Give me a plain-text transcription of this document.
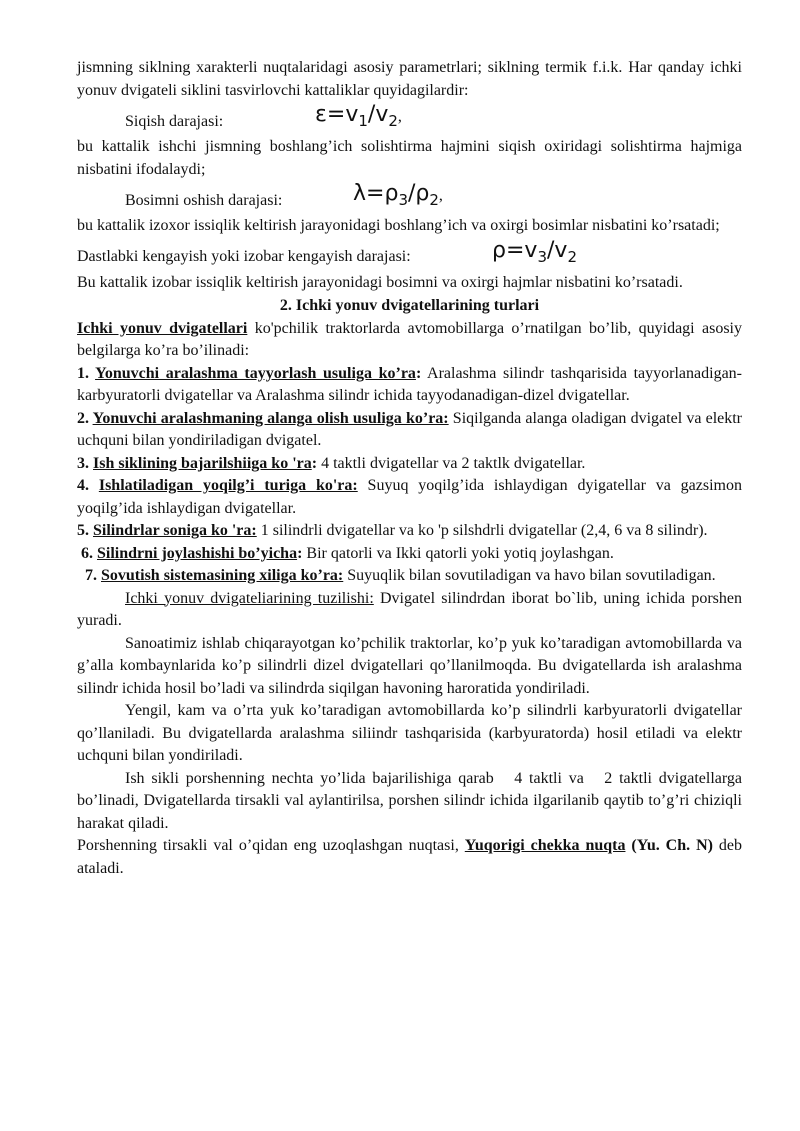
jismning siklning xarakterli nuqtalaridagi asosiy parametrlari; siklning termik f.i.k. Har qanday ichki yonuv dvigateli siklini tasvirlovchi kattaliklar quyidagilardir:

Siqish darajasi:	$\varepsilon=v_1/v_2$,

bu kattalik ishchi jismning boshlang’ich solishtirma hajmini siqish oxiridagi solishtirma hajmiga nisbatini ifodalaydi;

Bosimni oshish darajasi:	$\lambda=\rho_3/\rho_2$,

bu kattalik izoxor issiqlik keltirish jarayonidagi boshlang’ich va oxirgi bosimlar nisbatini ko’rsatadi;

Dastlabki kengayish yoki izobar kengayish darajasi:	$\rho=v_3/v_2$

Bu kattalik izobar issiqlik keltirish jarayonidagi bosimni va oxirgi hajmlar nisbatini ko’rsatadi.

2. Ichki yonuv dvigatellarining turlari

Ichki yonuv dvigatellari ko'pchilik traktorlarda avtomobillarga o’rnatilgan bo’lib, quyidagi asosiy belgilarga ko’ra bo’ilinadi:

1. Yonuvchi aralashma tayyorlash usuliga ko’ra: Aralashma silindr tashqarisida tayyorlanadigan-karbyuratorli dvigatellar va Aralashma silindr ichida tayyodanadigan-dizel dvigatellar.

2. Yonuvchi aralashmaning alanga olish usuliga ko’ra: Siqilganda alanga oladigan dvigatel va elektr uchquni bilan yondiriladigan dvigatel.

3. Ish siklining bajarilshiiga ko 'ra: 4 taktli dvigatellar va 2 taktlk dvigatellar.

4. Ishlatiladigan yoqilg’i turiga ko'ra: Suyuq yoqilg’ida ishlaydigan dyigatellar va gazsimon yoqilg’ida ishlaydigan dvigatellar.

5. Silindrlar soniga ko 'ra: 1 silindrli dvigatellar va ko 'p silshdrli dvigatellar (2,4, 6 va 8 silindr).

6. Silindrni joylashishi bo’yicha: Bir qatorli va Ikki qatorli yoki yotiq joylashgan.

7. Sovutish sistemasining xiliga ko’ra: Suyuqlik bilan sovutiladigan va havo bilan sovutiladigan.

Ichki yonuv dvigateliarining tuzilishi: Dvigatel silindrdan iborat bo`lib, uning ichida porshen yuradi.

Sanoatimiz ishlab chiqarayotgan ko’pchilik traktorlar, ko’p yuk ko’taradigan avtomobillarda va g’alla kombaynlarida ko’p silindrli dizel dvigatellari qo’llanilmoqda. Bu dvigatellarda ish aralashma silindr ichida hosil bo’ladi va silindrda siqilgan havoning haroratida yondiriladi.

Yengil, kam va o’rta yuk ko’taradigan avtomobillarda ko’p silindrli karbyuratorli dvigatellar qo’llaniladi. Bu dvigatellarda aralashma siliindr tashqarisida (karbyuratorda) hosil etiladi va elektr uchquni bilan yondiriladi.

Ish sikli porshenning nechta yo’lida bajarilishiga qarab   4 taktli va   2 taktli dvigatellarga bo’linadi, Dvigatellarda tirsakli val aylantirilsa, porshen silindr ichida ilgarilanib qaytib to’g’ri chiziqli harakat qiladi.

Porshenning tirsakli val o’qidan eng uzoqlashgan nuqtasi, Yuqorigi chekka nuqta (Yu. Ch. N) deb ataladi.
